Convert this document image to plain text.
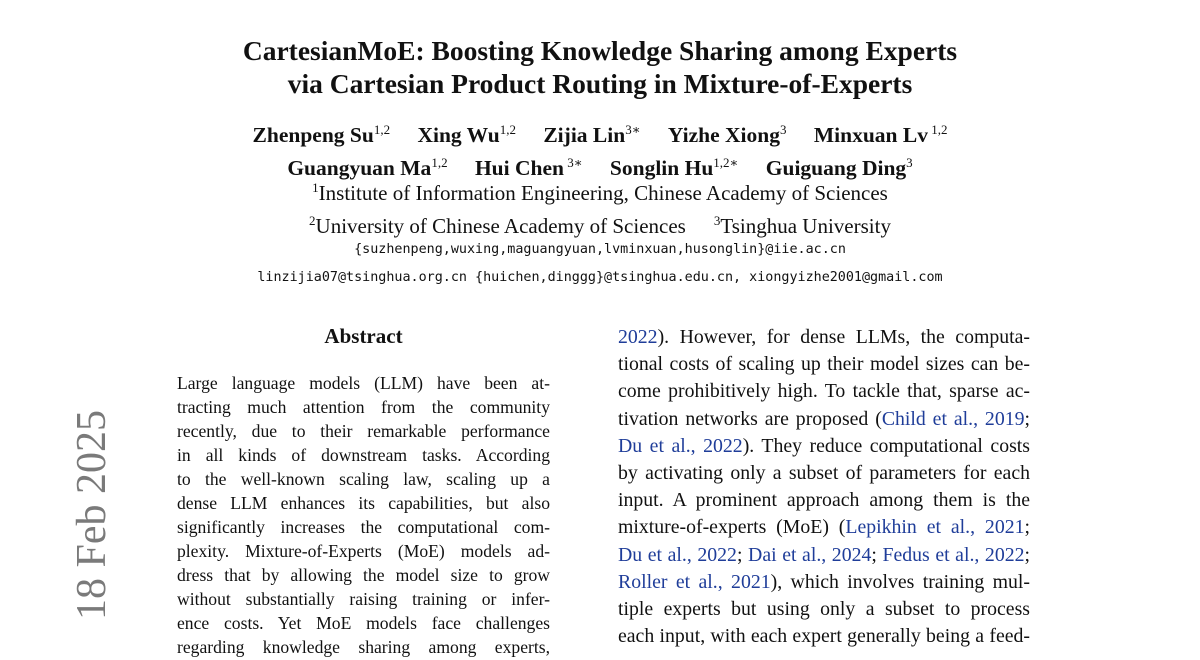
CartesianMoE: Boosting Knowledge Sharing among Experts
via Cartesian Product Routing in Mixture-of-Experts
Zhenpeng Su$^{1,2}$ Xing Wu$^{1,2}$ Zijia Lin$^{3∗}$ Yizhe Xiong$^3$ Minxuan Lv $^{1,2}$
Guangyuan Ma$^{1,2}$ Hui Chen $^{3∗}$ Songlin $Hu^{1,2∗}$ Guiguang Ding$^3$
$^1$Institute of Information Engineering, Chinese Academy of Sciences
$^2$University of Chinese Academy of Sciences $^3$Tsinghua University
{suzhenpeng,wuxing,maguangyuan,lvminxuan,husonglin}@iie.ac.cn
linzijia07@tsinghua.org.cn {huichen,dinggg}@tsinghua.edu.cn, xiongyizhe2001@gmail.com
18 Feb 2025
Abstract
Large language models (LLM) have been at-
tracting much attention from the community
recently, due to their remarkable performance
in all kinds of downstream tasks. According
to the well-known scaling law, scaling up a
dense LLM enhances its capabilities, but also
significantly increases the computational com-
plexity. Mixture-of-Experts (MoE) models ad-
dress that by allowing the model size to grow
without substantially raising training or infer-
ence costs. Yet MoE models face challenges
regarding knowledge sharing among experts,
2022). However, for dense LLMs, the computa-
tional costs of scaling up their model sizes can be-
come prohibitively high. To tackle that, sparse ac-
tivation networks are proposed (Child et al., 2019;
Du et al., 2022). They reduce computational costs
by activating only a subset of parameters for each
input. A prominent approach among them is the
mixture-of-experts (MoE) (Lepikhin et al., 2021;
Du et al., 2022; Dai et al., 2024; Fedus et al., 2022;
Roller et al., 2021), which involves training mul-
tiple experts but using only a subset to process
each input, with each expert generally being a feed-
